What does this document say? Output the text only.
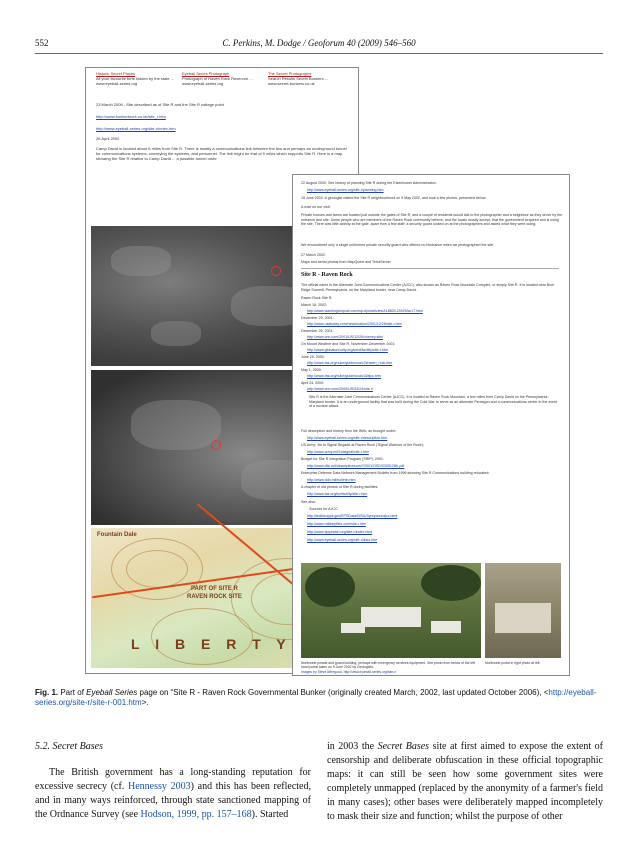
552	C. Perkins, M. Dodge / Geoforum 40 (2009) 546–560
Historic Secret Places
All your favourite forts hidden by the state ... www.eyeball-series.org
Eyeball Series Photograph
Photograph of Raven Rock Reservoir ... www.eyeball-series.org
The Secret Photographs
Search Results Secret Bunkers ... www.secret-bunkers.co.uk
23 March 2006 - Site described as of Site R and the Site R cottage point
http://www.bunkertours.co.uk/site_r.htm
http://www.eyeball-series.org/site-r/index.htm
26 April 2002
Camp David is located about 6 miles from Site R. There is mostly a communications link between the two and perhaps an underground tunnel for communications systems, conveying the systems, and personnel. The link might be that of 9 miles which supports Site R. Here is a map showing the Site R relative to Camp David ... a possible tunnel route
Fountain Dale
PART OF SITE R
RAVEN ROCK SITE
L I B E R T Y
22 August 2002: See history of planning Site R during the Eisenhower Administration:
http://www.eyeball-series.org/site-r/planning.htm
18 June 2002: A geologist visited the Site R neighbourhood on 9 May 2002, and took a few photos, presented below.
A note on our visit:
Private houses and farms are located just outside the gates of Site R, and a couple of residents would talk to the photographer and a neighbour as they drove by the entrance and site. Some people who are members of the Raven Rock community believe, and the locals mostly accept, that the government acquired and is using the site. There was little activity at the gate, apart from a few staff; a security guard looked on at the photographers and asked what they were doing.
We encountered only a single uniformed private security guard who offered no hindrance when we photographed the site.
27 March 2002
Maps and aerial photos from MapQuest and TerraServer
Site R - Raven Rock
The official name is the Alternate Joint Communications Center (AJCC), also known as Raven Rock Mountain Complex, or simply Site R. It is located near Blue Ridge Summit, Pennsylvania, on the Maryland border, near Camp David.
Raven Rock Site R:
March 18, 2002:
http://www.washingtonpost.com/wp-dyn/articles/A18800-2002Mar17.html
December 29, 2001:
http://www.usatoday.com/news/nation/2001/12/28/site-r.htm
December 26, 2001:
http://www.cnn.com/2001/US/12/26/cheney.site/
On Mount Weather and Site R, November-December 2001:
http://www.globalsecurity.org/wmd/facility/site-r.htm
June 25, 2000:
http://www.fas.org/nuke/guide/usa/c3i/raven_rock.htm
May 1, 2000:
http://www.fas.org/nuke/guide/usa/c3i/ajcc.htm
April 24, 2000:
http://www.cnn.com/2000/US/04/24/site.r/
Site R is the Alternate Joint Communications Center (AJCC). It is located at Raven Rock Mountain, a few miles from Camp David on the Pennsylvania-Maryland border. It is an underground facility that was built during the Cold War to serve as an alternate Pentagon and a communications center in the event of a nuclear attack.
Full description and history from the Web, as brought under:
http://www.eyeball-series.org/site-r/description.htm
US Army: 1st to Signal Brigade at Raven Rock ('Signal Warriors of the Rock'):
http://www.army.mil/1stsignal/site-r.htm
Budget for Site R Integration Program (SRIP), 2001:
http://www.dtic.mil/descriptivesum/Y2001/OSD/0305128K.pdf
Enterprise Defense Data Network Management Bulletin from 1996 showing Site R Communications building relocated:
http://www.ddn.mil/bulletin.htm
A chapter of old photos of Site R during facilities:
http://www.fas.org/irp/facility/site-r.htm
See also:
Sources for AJCC:
http://fedbizopps.gov/EPSData/DISA/Synopses/ajcc.html
http://www.militaryfiles.com/site-r.htm
http://www.spywatch.org/site-r/index.html
http://www.eyeball-series.org/site-r/links.htm
Northwest portals and guard building, perhaps with emergency services equipment. See photo from below of the left hand portal taken on 9 June 2002 by Geologists.
Northwest portal in right photo at left.
Images by Steve Aftergood, http://www.eyeball-series.org/site-r/
Fig. 1. Part of Eyeball Series page on “Site R - Raven Rock Governmental Bunker (originally created March, 2002, last updated October 2006), <http://eyeball-series.org/site-r/site-r-001.htm>.
5.2. Secret Bases

The British government has a long-standing reputation for excessive secrecy (cf. Hennessy 2003) and this has been reflected, and in many ways reinforced, through state sanctioned mapping of the Ordnance Survey (see Hodson, 1999, pp. 157–168). Started

in 2003 the Secret Bases site at first aimed to expose the extent of censorship and deliberate obfuscation in these official topographic maps: it can still be seen how some government sites were completely unmapped (replaced by the anonymity of a farmer's field in many cases); other bases were deliberately mapped incompletely to mask their size and function; whilst the purpose of other
